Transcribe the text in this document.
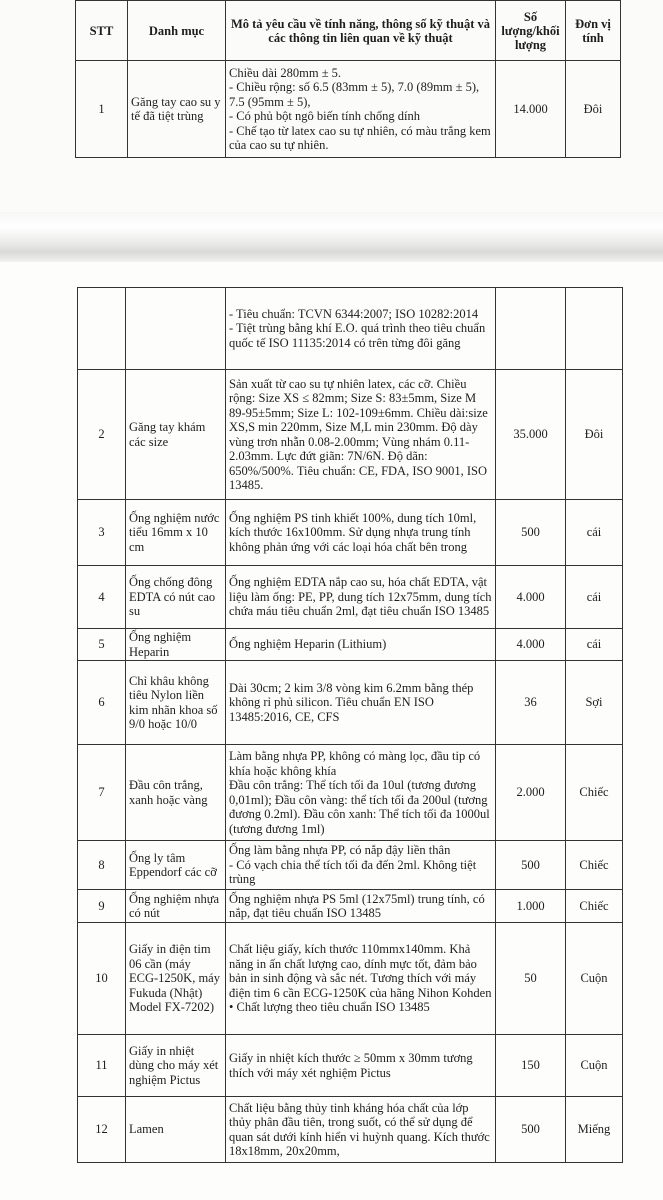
STT	Danh mục	Mô tả yêu cầu về tính năng, thông số kỹ thuật và các thông tin liên quan về kỹ thuật	Số lượng/khối lượng	Đơn vị tính
1	Găng tay cao su y tế đã tiệt trùng	Chiều dài 280mm ± 5.
- Chiều rộng: số 6.5 (83mm ± 5), 7.0 (89mm ± 5), 7.5 (95mm ± 5),
- Có phủ bột ngô biến tính chống dính
- Chế tạo từ latex cao su tự nhiên, có màu trắng kem của cao su tự nhiên.	14.000	Đôi
		- Tiêu chuẩn: TCVN 6344:2007; ISO 10282:2014
- Tiệt trùng bằng khí E.O. quá trình theo tiêu chuẩn quốc tế ISO 11135:2014 có trên từng đôi găng		
2	Găng tay khám các size	Sản xuất từ cao su tự nhiên latex, các cỡ. Chiều rộng: Size XS ≤ 82mm; Size S: 83±5mm, Size M 89-95±5mm; Size L: 102-109±6mm. Chiều dài:size XS,S min 220mm, Size M,L min 230mm. Độ dày vùng trơn nhẵn 0.08-2.00mm; Vùng nhám 0.11-2.03mm. Lực đứt giãn: 7N/6N. Độ dãn: 650%/500%. Tiêu chuẩn: CE, FDA, ISO 9001, ISO 13485.	35.000	Đôi
3	Ống nghiệm nước tiểu 16mm x 10 cm	Ống nghiệm PS tinh khiết 100%, dung tích 10ml, kích thước 16x100mm. Sử dụng nhựa trung tính không phản ứng với các loại hóa chất bên trong	500	cái
4	Ống chống đông EDTA có nút cao su	Ống nghiệm EDTA nắp cao su, hóa chất EDTA, vật liệu làm ống: PE, PP, dung tích 12x75mm, dung tích chứa máu tiêu chuẩn 2ml, đạt tiêu chuẩn ISO 13485	4.000	cái
5	Ống nghiệm Heparin	Ống nghiệm Heparin (Lithium)	4.000	cái
6	Chỉ khâu không tiêu Nylon liền kim nhãn khoa số 9/0 hoặc 10/0	Dài 30cm; 2 kim 3/8 vòng kim 6.2mm bằng thép không rỉ phủ silicon. Tiêu chuẩn EN ISO 13485:2016, CE, CFS	36	Sợi
7	Đầu côn trắng, xanh hoặc vàng	Làm bằng nhựa PP, không có màng lọc, đầu tip có khía hoặc không khía
Đầu côn trắng: Thể tích tối đa 10ul (tương đương 0,01ml); Đầu côn vàng: thể tích tối đa 200ul (tương đương 0.2ml). Đầu côn xanh: Thể tích tối đa 1000ul (tương đương 1ml)	2.000	Chiếc
8	Ống ly tâm Eppendorf các cỡ	Ống làm bằng nhựa PP, có nắp đậy liền thân
- Có vạch chia thể tích tối đa đến 2ml. Không tiệt trùng	500	Chiếc
9	Ống nghiệm nhựa có nút	Ống nghiệm nhựa PS 5ml (12x75ml) trung tính, có nắp, đạt tiêu chuẩn ISO 13485	1.000	Chiếc
10	Giấy in điện tim 06 cần (máy ECG-1250K, máy Fukuda (Nhật) Model FX-7202)	Chất liệu giấy, kích thước 110mmx140mm. Khả năng in ấn chất lượng cao, dính mực tốt, đảm bảo bản in sinh động và sắc nét. Tương thích với máy điện tim 6 cần ECG-1250K của hãng Nihon Kohden
• Chất lượng theo tiêu chuẩn ISO 13485	50	Cuộn
11	Giấy in nhiệt dùng cho máy xét nghiệm Pictus	Giấy in nhiệt kích thước ≥ 50mm x 30mm tương thích với máy xét nghiệm Pictus	150	Cuộn
12	Lamen	Chất liệu bằng thủy tinh kháng hóa chất của lớp thủy phân đầu tiên, trong suốt, có thể sử dụng để quan sát dưới kính hiển vi huỳnh quang. Kích thước 18x18mm, 20x20mm,	500	Miếng
